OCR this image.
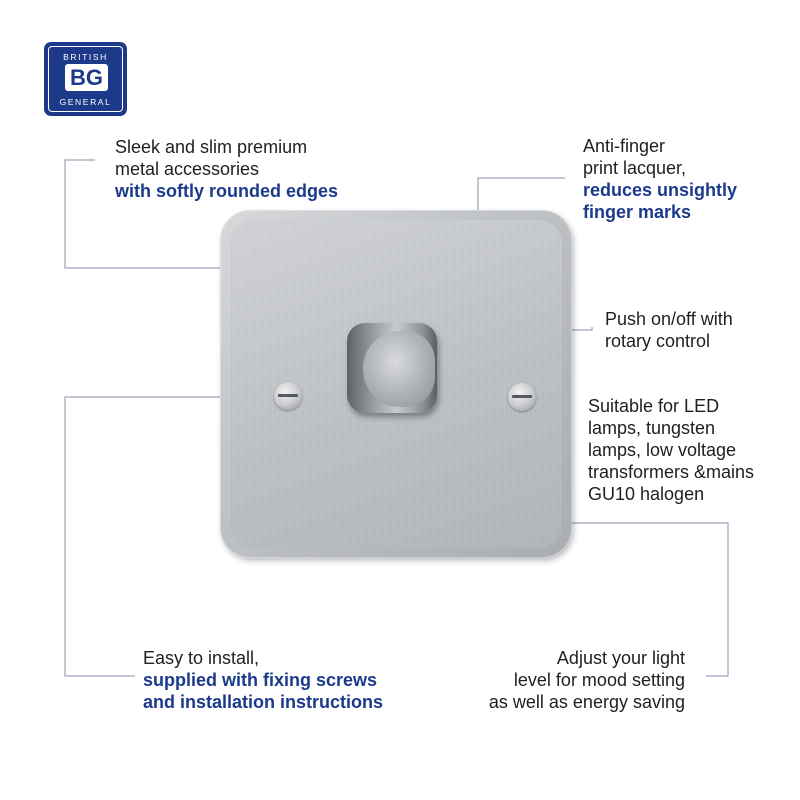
BRITISH
BG
GENERAL
Sleek and slim premium
metal accessories
with softly rounded edges
Anti-finger
print lacquer,
reduces unsightly
finger marks
Push on/off with
rotary control
Suitable for LED
lamps, tungsten
lamps, low voltage
transformers &mains
GU10 halogen
Easy to install,
supplied with fixing screws
and installation instructions
Adjust your light
level for mood setting
as well as energy saving
